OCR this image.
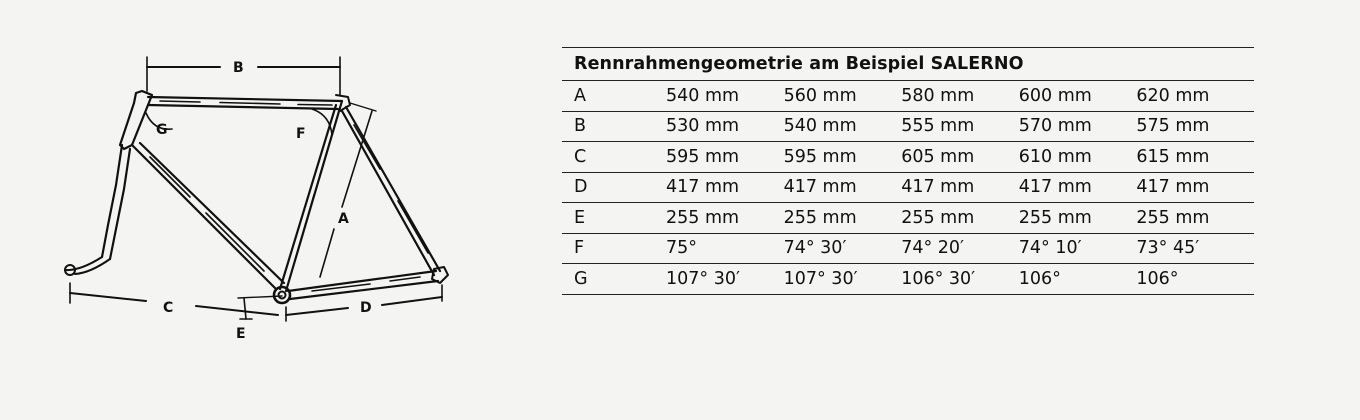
B
G	F
A
C	D
E
Rennrahmengeometrie am Beispiel SALERNO
A	540 mm	560 mm	580 mm	600 mm	620 mm
B	530 mm	540 mm	555 mm	570 mm	575 mm
C	595 mm	595 mm	605 mm	610 mm	615 mm
D	417 mm	417 mm	417 mm	417 mm	417 mm
E	255 mm	255 mm	255 mm	255 mm	255 mm
F	75°	74° 30′	74° 20′	74° 10′	73° 45′
G	107° 30′	107° 30′	106° 30′	106°	106°
